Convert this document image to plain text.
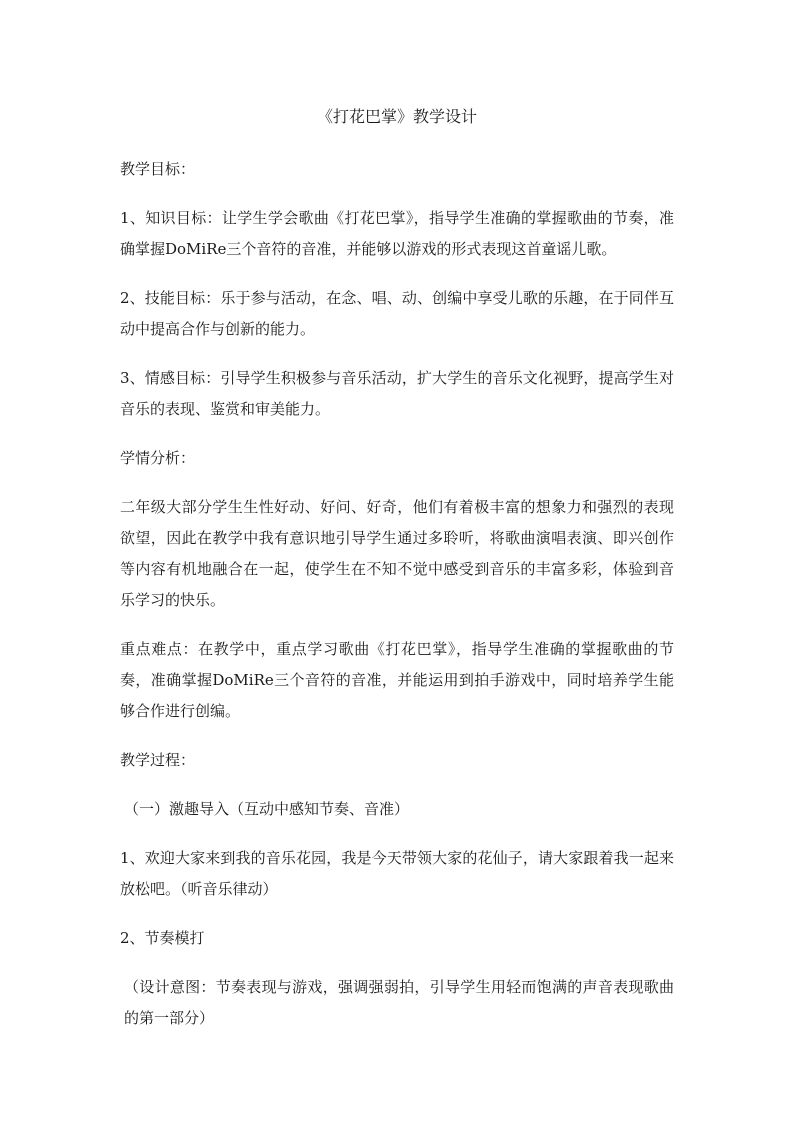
《打花巴掌》教学设计
教学目标：
1、知识目标：让学生学会歌曲《打花巴掌》，指导学生准确的掌握歌曲的节奏，准确掌握DoMiRe三个音符的音准，并能够以游戏的形式表现这首童谣儿歌。
2、技能目标：乐于参与活动，在念、唱、动、创编中享受儿歌的乐趣，在于同伴互动中提高合作与创新的能力。
3、情感目标：引导学生积极参与音乐活动，扩大学生的音乐文化视野，提高学生对音乐的表现、鉴赏和审美能力。
学情分析：
二年级大部分学生生性好动、好问、好奇，他们有着极丰富的想象力和强烈的表现欲望，因此在教学中我有意识地引导学生通过多聆听，将歌曲演唱表演、即兴创作等内容有机地融合在一起，使学生在不知不觉中感受到音乐的丰富多彩，体验到音乐学习的快乐。
重点难点：在教学中，重点学习歌曲《打花巴掌》，指导学生准确的掌握歌曲的节奏，准确掌握DoMiRe三个音符的音准，并能运用到拍手游戏中，同时培养学生能够合作进行创编。
教学过程：
（一）激趣导入（互动中感知节奏、音准）
1、欢迎大家来到我的音乐花园，我是今天带领大家的花仙子，请大家跟着我一起来放松吧。（听音乐律动）
2、节奏模打
（设计意图：节奏表现与游戏，强调强弱拍，引导学生用轻而饱满的声音表现歌曲的第一部分）
